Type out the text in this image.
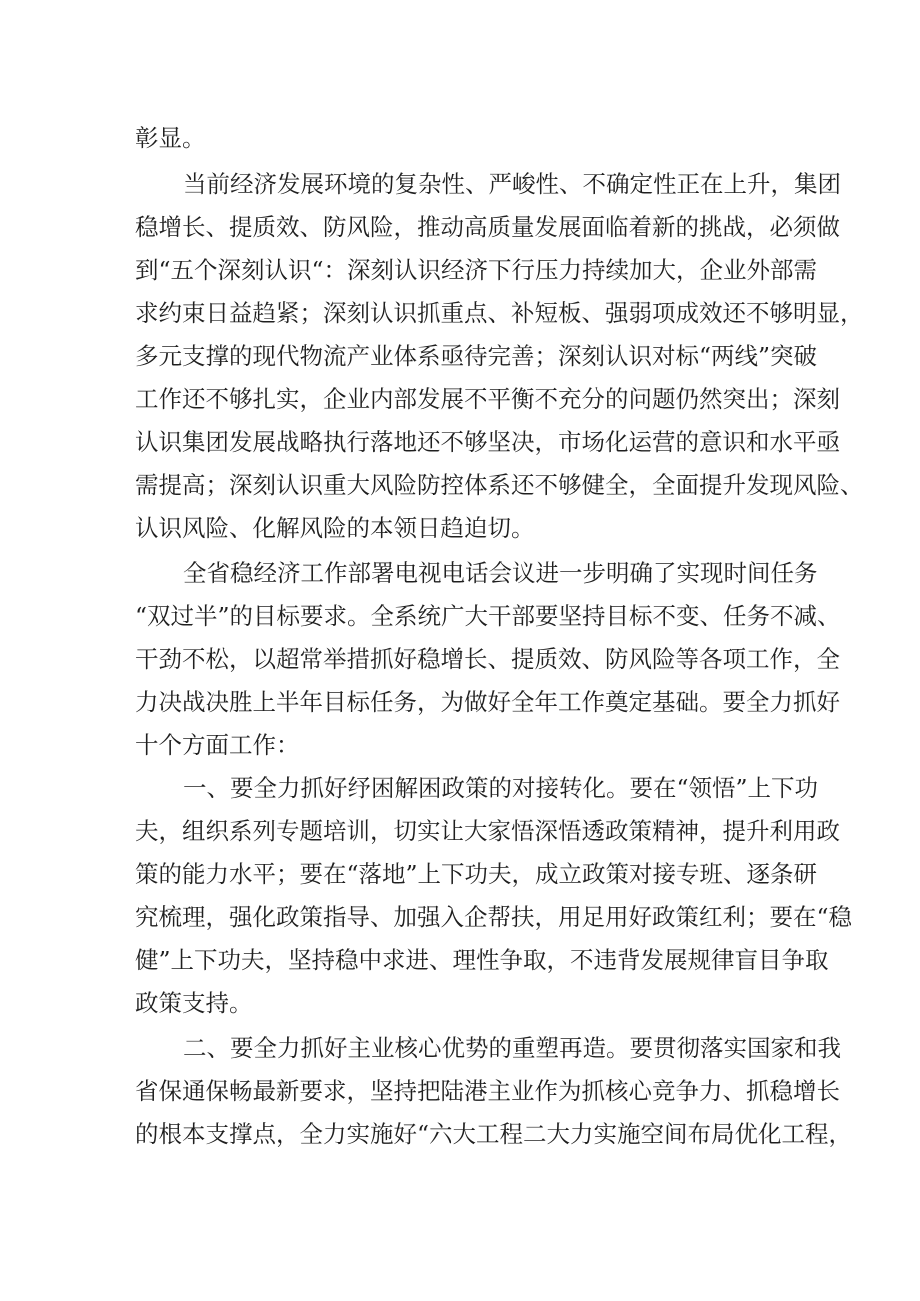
彰显。
当前经济发展环境的复杂性、严峻性、不确定性正在上升，集团
稳增长、提质效、防风险，推动高质量发展面临着新的挑战，必须做
到“五个深刻认识“：深刻认识经济下行压力持续加大，企业外部需
求约束日益趋紧；深刻认识抓重点、补短板、强弱项成效还不够明显，
多元支撑的现代物流产业体系亟待完善；深刻认识对标“两线”突破
工作还不够扎实，企业内部发展不平衡不充分的问题仍然突出；深刻
认识集团发展战略执行落地还不够坚决，市场化运营的意识和水平亟
需提高；深刻认识重大风险防控体系还不够健全，全面提升发现风险、
认识风险、化解风险的本领日趋迫切。
全省稳经济工作部署电视电话会议进一步明确了实现时间任务
“双过半”的目标要求。全系统广大干部要坚持目标不变、任务不减、
干劲不松，以超常举措抓好稳增长、提质效、防风险等各项工作，全
力决战决胜上半年目标任务，为做好全年工作奠定基础。要全力抓好
十个方面工作：
一、要全力抓好纾困解困政策的对接转化。要在“领悟”上下功
夫，组织系列专题培训，切实让大家悟深悟透政策精神，提升利用政
策的能力水平；要在“落地”上下功夫，成立政策对接专班、逐条研
究梳理，强化政策指导、加强入企帮扶，用足用好政策红利；要在“稳
健”上下功夫，坚持稳中求进、理性争取，不违背发展规律盲目争取
政策支持。
二、要全力抓好主业核心优势的重塑再造。要贯彻落实国家和我
省保通保畅最新要求，坚持把陆港主业作为抓核心竞争力、抓稳增长
的根本支撑点，全力实施好“六大工程二大力实施空间布局优化工程，
